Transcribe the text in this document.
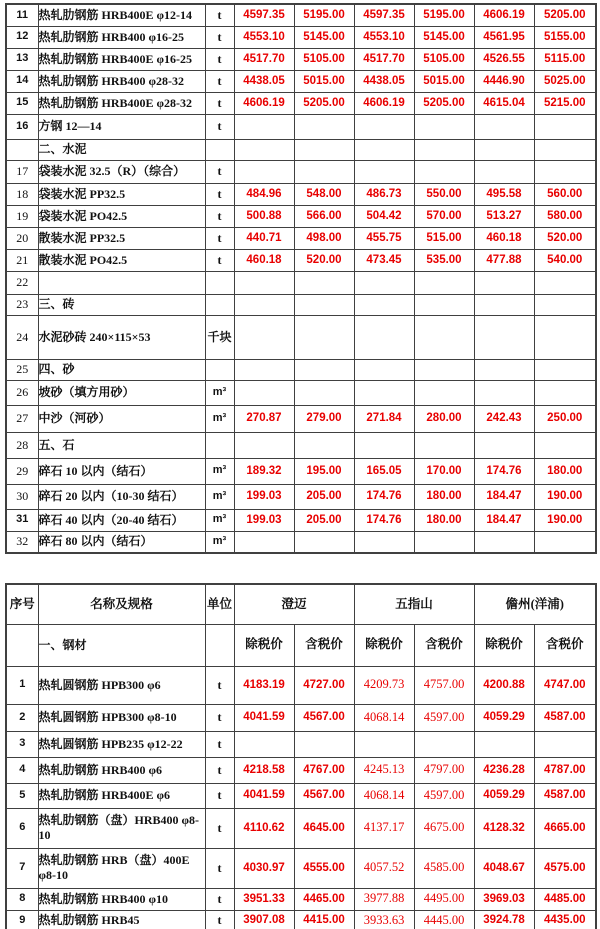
11	热轧肋钢筋 HRB400E φ12-14	t	4597.35	5195.00	4597.35	5195.00	4606.19	5205.00
12	热轧肋钢筋 HRB400 φ16-25	t	4553.10	5145.00	4553.10	5145.00	4561.95	5155.00
13	热轧肋钢筋 HRB400E φ16-25	t	4517.70	5105.00	4517.70	5105.00	4526.55	5115.00
14	热轧肋钢筋 HRB400 φ28-32	t	4438.05	5015.00	4438.05	5015.00	4446.90	5025.00
15	热轧肋钢筋 HRB400E φ28-32	t	4606.19	5205.00	4606.19	5205.00	4615.04	5215.00
16	方钢 12—14	t						
	二、水泥							
17	袋装水泥 32.5（R）（综合）	t						
18	袋装水泥 PP32.5	t	484.96	548.00	486.73	550.00	495.58	560.00
19	袋装水泥 PO42.5	t	500.88	566.00	504.42	570.00	513.27	580.00
20	散装水泥 PP32.5	t	440.71	498.00	455.75	515.00	460.18	520.00
21	散装水泥 PO42.5	t	460.18	520.00	473.45	535.00	477.88	540.00
22								
23	三、砖							
24	水泥砂砖 240×115×53	千块						
25	四、砂							
26	坡砂（填方用砂）	m³						
27	中沙（河砂）	m³	270.87	279.00	271.84	280.00	242.43	250.00
28	五、石							
29	碎石 10 以内（结石）	m³	189.32	195.00	165.05	170.00	174.76	180.00
30	碎石 20 以内（10-30 结石）	m³	199.03	205.00	174.76	180.00	184.47	190.00
31	碎石 40 以内（20-40 结石）	m³	199.03	205.00	174.76	180.00	184.47	190.00
32	碎石 80 以内（结石）	m³						
序号	名称及规格	单位	澄迈		五指山		儋州(洋浦)	
	一、钢材		除税价	含税价	除税价	含税价	除税价	含税价
1	热轧圆钢筋 HPB300 φ6	t	4183.19	4727.00	4209.73	4757.00	4200.88	4747.00
2	热轧圆钢筋 HPB300 φ8-10	t	4041.59	4567.00	4068.14	4597.00	4059.29	4587.00
3	热轧圆钢筋 HPB235 φ12-22	t						
4	热轧肋钢筋 HRB400 φ6	t	4218.58	4767.00	4245.13	4797.00	4236.28	4787.00
5	热轧肋钢筋 HRB400E φ6	t	4041.59	4567.00	4068.14	4597.00	4059.29	4587.00
6	热轧肋钢筋（盘）HRB400 φ8-10	t	4110.62	4645.00	4137.17	4675.00	4128.32	4665.00
7	热轧肋钢筋 HRB（盘）400E φ8-10	t	4030.97	4555.00	4057.52	4585.00	4048.67	4575.00
8	热轧肋钢筋 HRB400 φ10	t	3951.33	4465.00	3977.88	4495.00	3969.03	4485.00
9	热轧肋钢筋 HRB45	t	3907.08	4415.00	3933.63	4445.00	3924.78	4435.00
